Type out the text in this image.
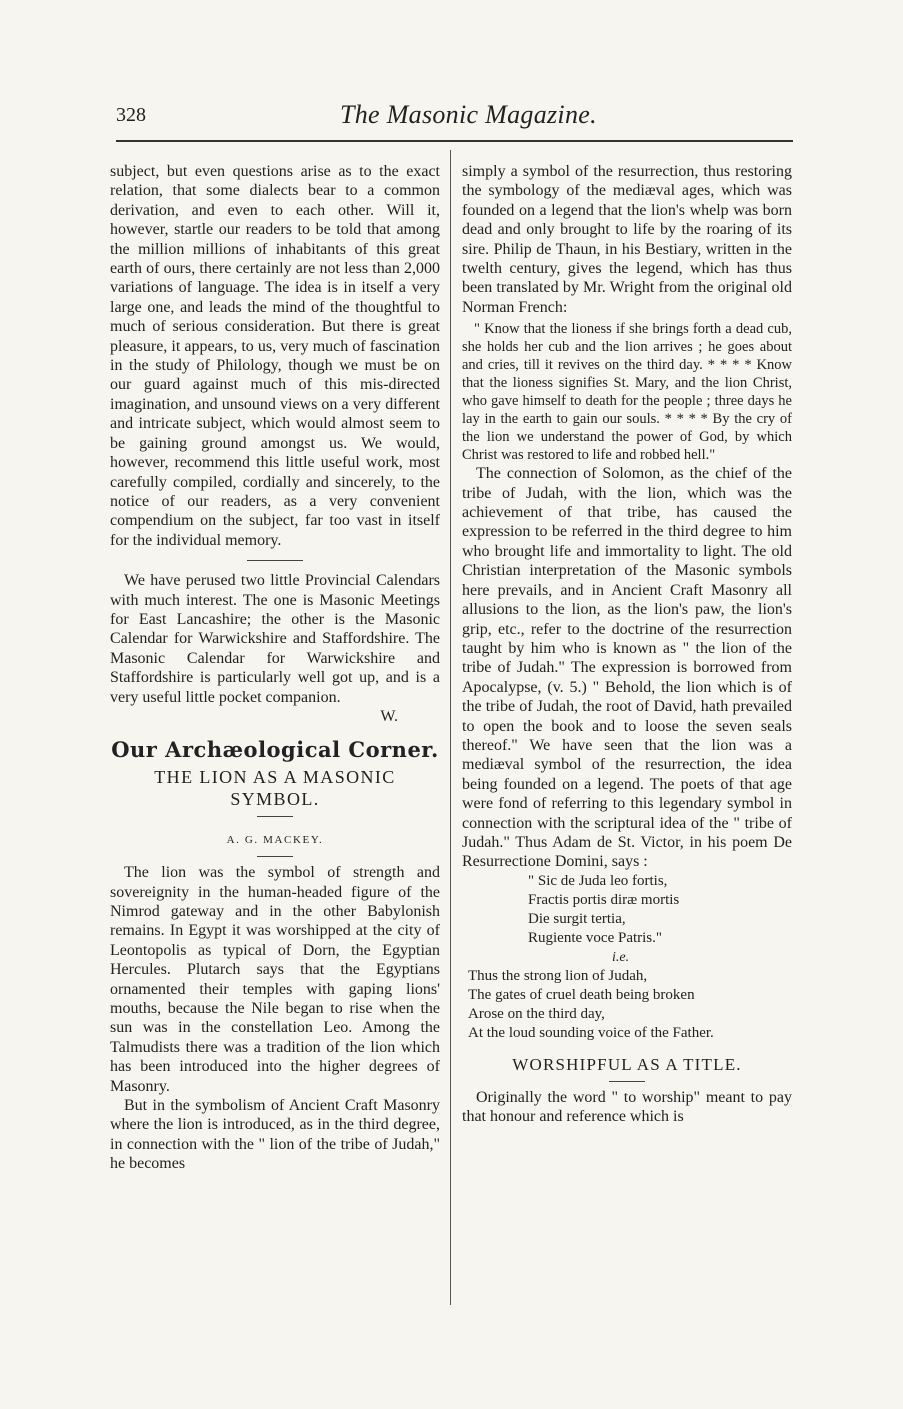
328	The Masonic Magazine.

subject, but even questions arise as to the exact relation, that some dialects bear to a common derivation, and even to each other. Will it, however, startle our readers to be told that among the million millions of inhabitants of this great earth of ours, there certainly are not less than 2,000 variations of language. The idea is in itself a very large one, and leads the mind of the thoughtful to much of serious consideration. But there is great pleasure, it appears, to us, very much of fascination in the study of Philology, though we must be on our guard against much of this mis-directed imagination, and unsound views on a very different and intricate subject, which would almost seem to be gaining ground amongst us. We would, however, recommend this little useful work, most carefully compiled, cordially and sincerely, to the notice of our readers, as a very convenient compendium on the subject, far too vast in itself for the individual memory.

We have perused two little Provincial Calendars with much interest. The one is Masonic Meetings for East Lancashire; the other is the Masonic Calendar for Warwickshire and Staffordshire. The Masonic Calendar for Warwickshire and Staffordshire is particularly well got up, and is a very useful little pocket companion.

W.
Our Archæological Corner.
THE LION AS A MASONIC SYMBOL.
A. G. MACKEY.

The lion was the symbol of strength and sovereignity in the human-headed figure of the Nimrod gateway and in the other Babylonish remains. In Egypt it was worshipped at the city of Leontopolis as typical of Dorn, the Egyptian Hercules. Plutarch says that the Egyptians ornamented their temples with gaping lions' mouths, because the Nile began to rise when the sun was in the constellation Leo. Among the Talmudists there was a tradition of the lion which has been introduced into the higher degrees of Masonry.

But in the symbolism of Ancient Craft Masonry where the lion is introduced, as in the third degree, in connection with the " lion of the tribe of Judah," he becomes

simply a symbol of the resurrection, thus restoring the symbology of the mediæval ages, which was founded on a legend that the lion's whelp was born dead and only brought to life by the roaring of its sire. Philip de Thaun, in his Bestiary, written in the twelth century, gives the legend, which has thus been translated by Mr. Wright from the original old Norman French:

" Know that the lioness if she brings forth a dead cub, she holds her cub and the lion arrives ; he goes about and cries, till it revives on the third day. * * * * Know that the lioness signifies St. Mary, and the lion Christ, who gave himself to death for the people ; three days he lay in the earth to gain our souls. * * * * By the cry of the lion we understand the power of God, by which Christ was restored to life and robbed hell."

The connection of Solomon, as the chief of the tribe of Judah, with the lion, which was the achievement of that tribe, has caused the expression to be referred in the third degree to him who brought life and immortality to light. The old Christian interpretation of the Masonic symbols here prevails, and in Ancient Craft Masonry all allusions to the lion, as the lion's paw, the lion's grip, etc., refer to the doctrine of the resurrection taught by him who is known as " the lion of the tribe of Judah." The expression is borrowed from Apocalypse, (v. 5.) " Behold, the lion which is of the tribe of Judah, the root of David, hath prevailed to open the book and to loose the seven seals thereof." We have seen that the lion was a mediæval symbol of the resurrection, the idea being founded on a legend. The poets of that age were fond of referring to this legendary symbol in connection with the scriptural idea of the " tribe of Judah." Thus Adam de St. Victor, in his poem De Resurrectione Domini, says :

" Sic de Juda leo fortis,
Fractis portis diræ mortis
Die surgit tertia,
Rugiente voce Patris."
i.e.
Thus the strong lion of Judah,
The gates of cruel death being broken
Arose on the third day,
At the loud sounding voice of the Father.
WORSHIPFUL AS A TITLE.

Originally the word " to worship" meant to pay that honour and reference which is
